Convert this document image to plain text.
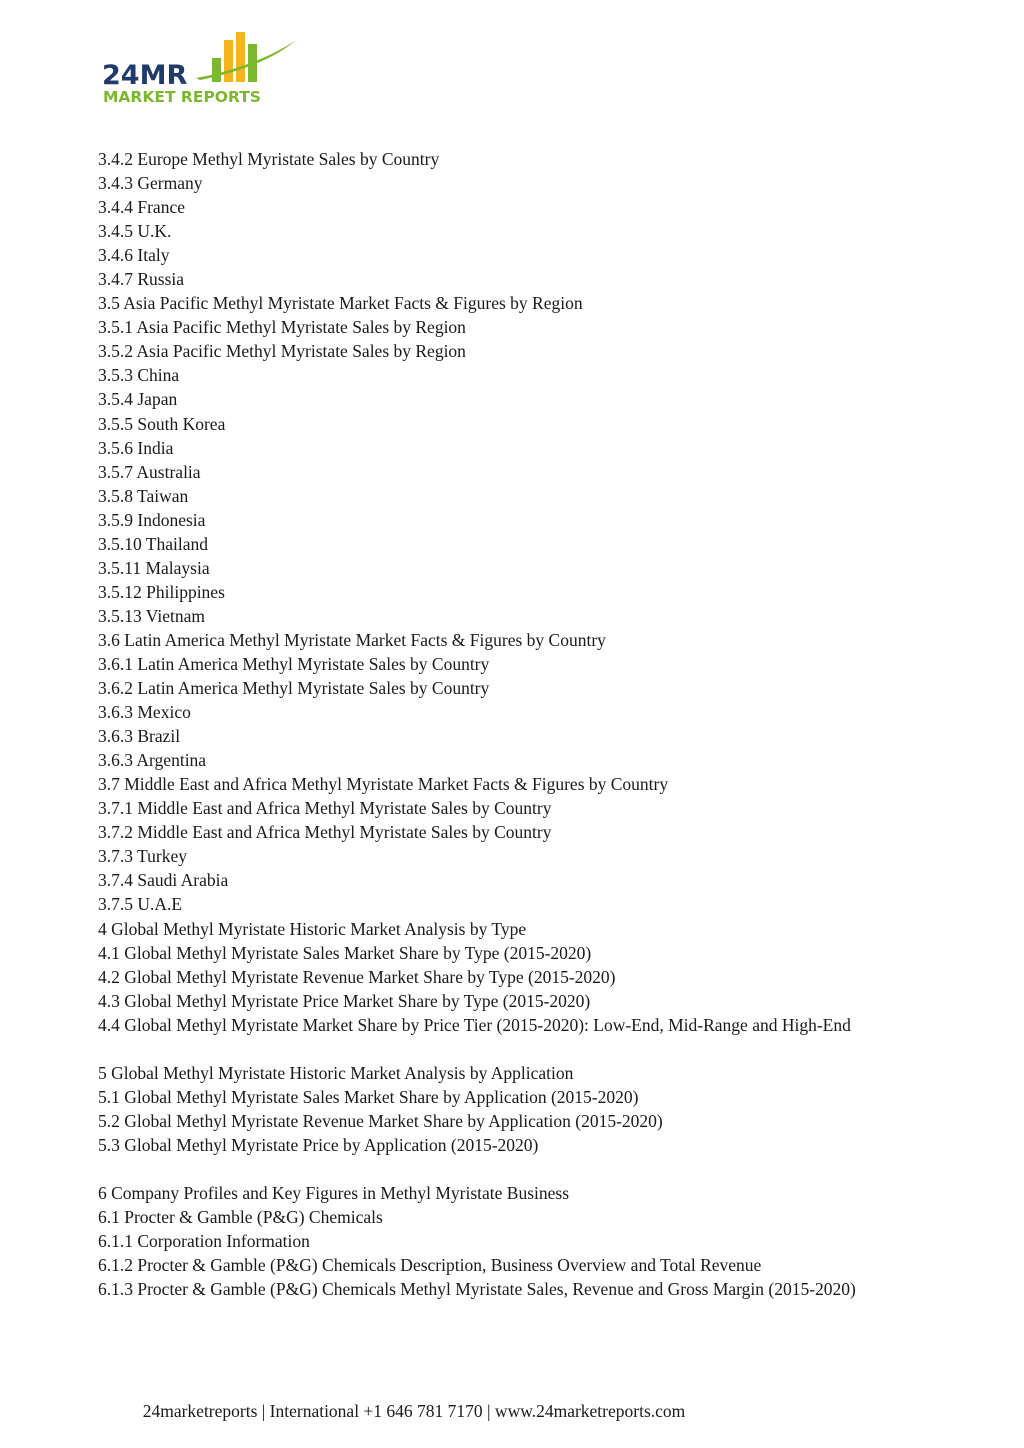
24MR
MARKET REPORTS
3.4.2 Europe Methyl Myristate Sales by Country
3.4.3 Germany
3.4.4 France
3.4.5 U.K.
3.4.6 Italy
3.4.7 Russia
3.5 Asia Pacific Methyl Myristate Market Facts & Figures by Region
3.5.1 Asia Pacific Methyl Myristate Sales by Region
3.5.2 Asia Pacific Methyl Myristate Sales by Region
3.5.3 China
3.5.4 Japan
3.5.5 South Korea
3.5.6 India
3.5.7 Australia
3.5.8 Taiwan
3.5.9 Indonesia
3.5.10 Thailand
3.5.11 Malaysia
3.5.12 Philippines
3.5.13 Vietnam
3.6 Latin America Methyl Myristate Market Facts & Figures by Country
3.6.1 Latin America Methyl Myristate Sales by Country
3.6.2 Latin America Methyl Myristate Sales by Country
3.6.3 Mexico
3.6.3 Brazil
3.6.3 Argentina
3.7 Middle East and Africa Methyl Myristate Market Facts & Figures by Country
3.7.1 Middle East and Africa Methyl Myristate Sales by Country
3.7.2 Middle East and Africa Methyl Myristate Sales by Country
3.7.3 Turkey
3.7.4 Saudi Arabia
3.7.5 U.A.E
4 Global Methyl Myristate Historic Market Analysis by Type
4.1 Global Methyl Myristate Sales Market Share by Type (2015-2020)
4.2 Global Methyl Myristate Revenue Market Share by Type (2015-2020)
4.3 Global Methyl Myristate Price Market Share by Type (2015-2020)
4.4 Global Methyl Myristate Market Share by Price Tier (2015-2020): Low-End, Mid-Range and High-End
5 Global Methyl Myristate Historic Market Analysis by Application
5.1 Global Methyl Myristate Sales Market Share by Application (2015-2020)
5.2 Global Methyl Myristate Revenue Market Share by Application (2015-2020)
5.3 Global Methyl Myristate Price by Application (2015-2020)
6 Company Profiles and Key Figures in Methyl Myristate Business
6.1 Procter & Gamble (P&G) Chemicals
6.1.1 Corporation Information
6.1.2 Procter & Gamble (P&G) Chemicals Description, Business Overview and Total Revenue
6.1.3 Procter & Gamble (P&G) Chemicals Methyl Myristate Sales, Revenue and Gross Margin (2015-2020)
24marketreports | International +1 646 781 7170 | www.24marketreports.com
